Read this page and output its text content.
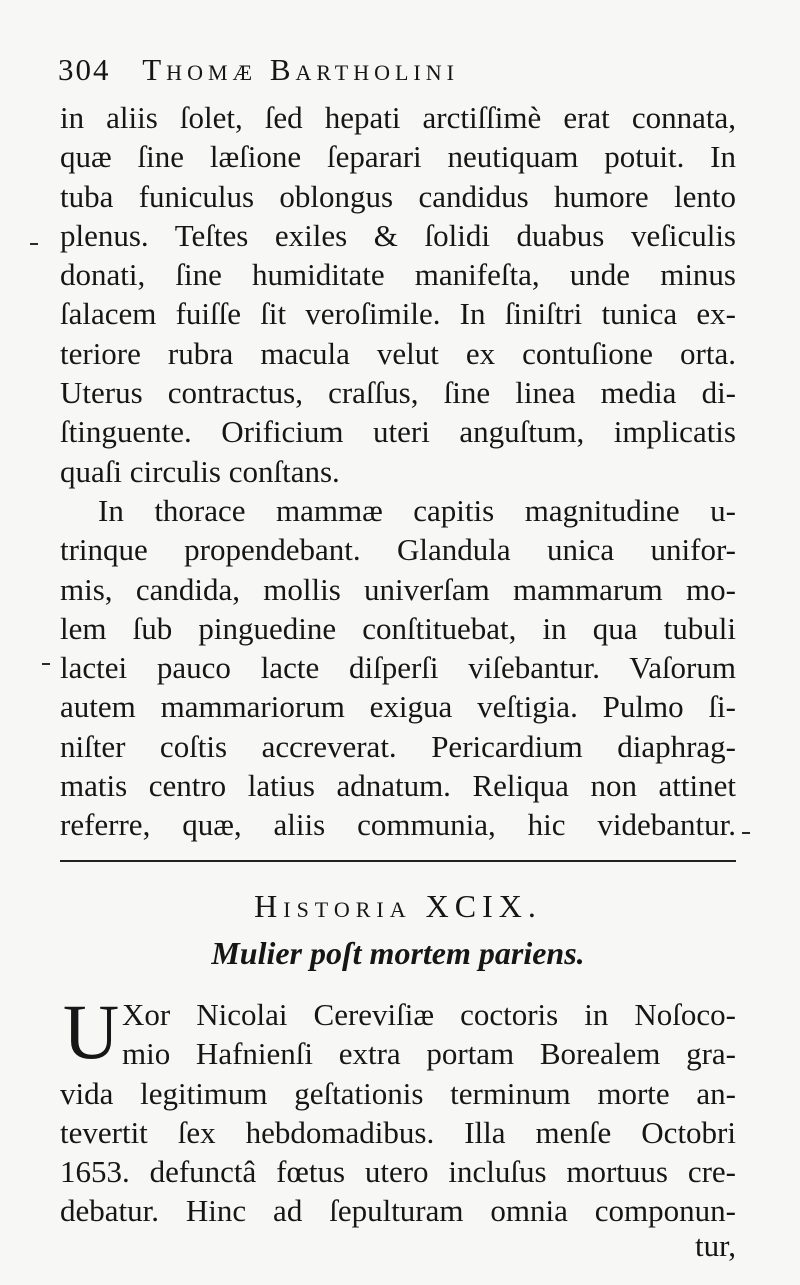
304 Thomæ Bartholini
in aliis ſolet, ſed hepati arctiſſimè erat connata,
quæ ſine læſione ſeparari neutiquam potuit. In
tuba funiculus oblongus candidus humore lento
plenus. Teſtes exiles & ſolidi duabus veſiculis
donati, ſine humiditate manifeſta, unde minus
ſalacem fuiſſe ſit veroſimile. In ſiniſtri tunica ex-
teriore rubra macula velut ex contuſione orta.
Uterus contractus, craſſus, ſine linea media di-
ſtinguente. Orificium uteri anguſtum, implicatis
quaſi circulis conſtans.
In thorace mammæ capitis magnitudine u-
trinque propendebant. Glandula unica unifor-
mis, candida, mollis univerſam mammarum mo-
lem ſub pinguedine conſtituebat, in qua tubuli
lactei pauco lacte diſperſi viſebantur. Vaſorum
autem mammariorum exigua veſtigia. Pulmo ſi-
niſter coſtis accreverat. Pericardium diaphrag-
matis centro latius adnatum. Reliqua non attinet
referre, quæ, aliis communia, hic videbantur.
Historia XCIX.
Mulier poſt mortem pariens.
U Xor Nicolai Cereviſiæ coctoris in Noſoco-
mio Hafnienſi extra portam Borealem gra-
vida legitimum geſtationis terminum morte an-
tevertit ſex hebdomadibus. Illa menſe Octobri
1653. defunctâ fœtus utero incluſus mortuus cre-
debatur. Hinc ad ſepulturam omnia componun-
tur,
